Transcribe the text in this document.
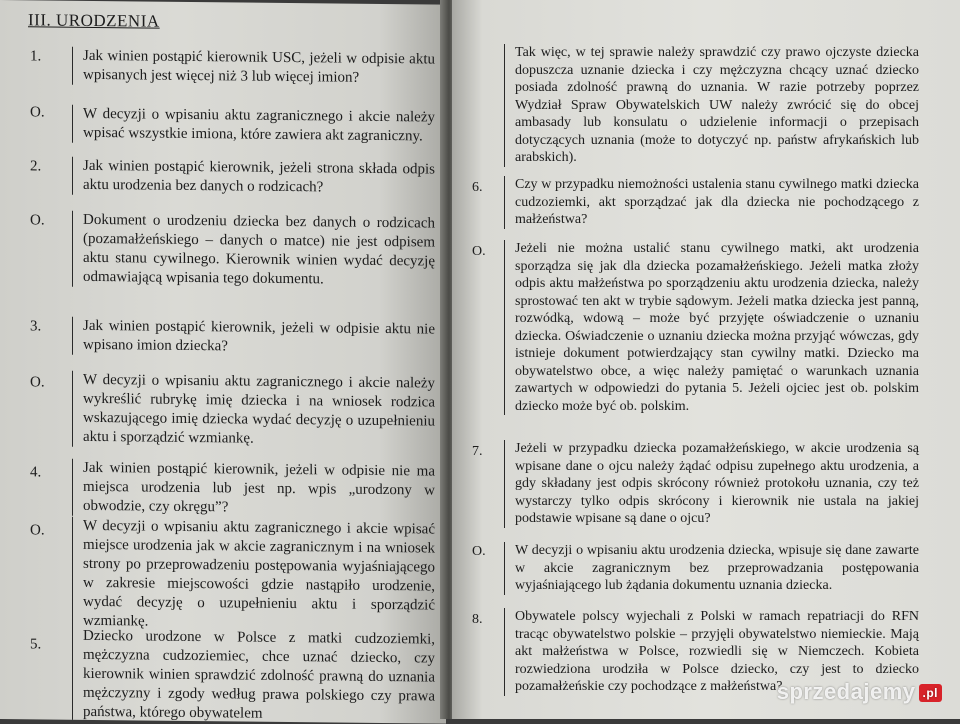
III. URODZENIA
1.	Jak winien postąpić kierownik USC, jeżeli w odpisie aktu wpisanych jest więcej niż 3 lub więcej imion?
O.	W decyzji o wpisaniu aktu zagranicznego i akcie należy wpisać wszystkie imiona, które zawiera akt zagraniczny.
2.	Jak winien postąpić kierownik, jeżeli strona składa odpis aktu urodzenia bez danych o rodzicach?
O.	Dokument o urodzeniu dziecka bez danych o rodzicach (pozamałżeńskiego – danych o matce) nie jest odpisem aktu stanu cywilnego. Kierownik winien wydać decyzję odmawiającą wpisania tego dokumentu.
3.	Jak winien postąpić kierownik, jeżeli w odpisie aktu nie wpisano imion dziecka?
O.	W decyzji o wpisaniu aktu zagranicznego i akcie należy wykreślić rubrykę imię dziecka i na wniosek rodzica wskazującego imię dziecka wydać decyzję o uzupełnieniu aktu i sporządzić wzmiankę.
4.	Jak winien postąpić kierownik, jeżeli w odpisie nie ma miejsca urodzenia lub jest np. wpis „urodzony w obwodzie, czy okręgu”?
O.	W decyzji o wpisaniu aktu zagranicznego i akcie wpisać miejsce urodzenia jak w akcie zagranicznym i na wniosek strony po przeprowadzeniu postępowania wyjaśniającego w zakresie miejscowości gdzie nastąpiło urodzenie, wydać decyzję o uzupełnieniu aktu i sporządzić wzmiankę.
5.	Dziecko urodzone w Polsce z matki cudzoziemki, mężczyzna cudzoziemiec, chce uznać dziecko, czy kierownik winien sprawdzić zdolność prawną do uznania mężczyzny i zgody według prawa polskiego czy prawa państwa, którego obywatelem
Tak więc, w tej sprawie należy sprawdzić czy prawo ojczyste dziecka dopuszcza uznanie dziecka i czy mężczyzna chcący uznać dziecko posiada zdolność prawną do uznania. W razie potrzeby poprzez Wydział Spraw Obywatelskich UW należy zwrócić się do obcej ambasady lub konsulatu o udzielenie informacji o przepisach dotyczących uznania (może to dotyczyć np. państw afrykańskich lub arabskich).
6.	Czy w przypadku niemożności ustalenia stanu cywilnego matki dziecka cudzoziemki, akt sporządzać jak dla dziecka nie pochodzącego z małżeństwa?
O.	Jeżeli nie można ustalić stanu cywilnego matki, akt urodzenia sporządza się jak dla dziecka pozamałżeńskiego. Jeżeli matka złoży odpis aktu małżeństwa po sporządzeniu aktu urodzenia dziecka, należy sprostować ten akt w trybie sądowym. Jeżeli matka dziecka jest panną, rozwódką, wdową – może być przyjęte oświadczenie o uznaniu dziecka. Oświadczenie o uznaniu dziecka można przyjąć wówczas, gdy istnieje dokument potwierdzający stan cywilny matki. Dziecko ma obywatelstwo obce, a więc należy pamiętać o warunkach uznania zawartych w odpowiedzi do pytania 5. Jeżeli ojciec jest ob. polskim dziecko może być ob. polskim.
7.	Jeżeli w przypadku dziecka pozamałżeńskiego, w akcie urodzenia są wpisane dane o ojcu należy żądać odpisu zupełnego aktu urodzenia, a gdy składany jest odpis skrócony również protokołu uznania, czy też wystarczy tylko odpis skrócony i kierownik nie ustala na jakiej podstawie wpisane są dane o ojcu?
O.	W decyzji o wpisaniu aktu urodzenia dziecka, wpisuje się dane zawarte w akcie zagranicznym bez przeprowadzania postępowania wyjaśniającego lub żądania dokumentu uznania dziecka.
8.	Obywatele polscy wyjechali z Polski w ramach repatriacji do RFN tracąc obywatelstwo polskie – przyjęli obywatelstwo niemieckie. Mają akt małżeństwa w Polsce, rozwiedli się w Niemczech. Kobieta rozwiedziona urodziła w Polsce dziecko, czy jest to dziecko pozamałżeńskie czy pochodzące z małżeństwa?
sprzedajemy .pl
